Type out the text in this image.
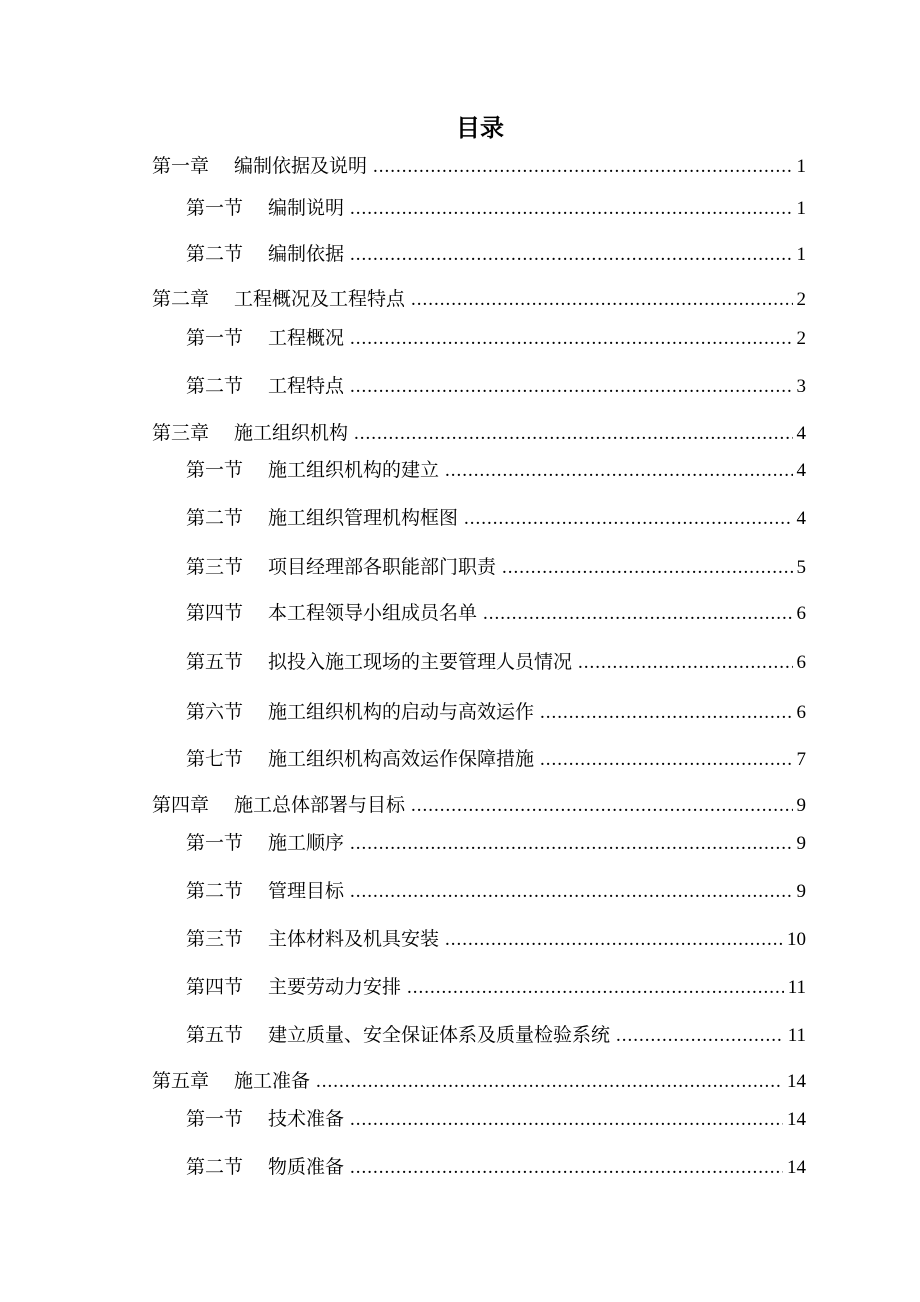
目录
第一章	编制依据及说明 .....	1
第一节	编制说明 .....	1
第二节	编制依据 .....	1
第二章	工程概况及工程特点 .....	2
第一节	工程概况 .....	2
第二节	工程特点 .....	3
第三章	施工组织机构 .....	4
第一节	施工组织机构的建立 .....	4
第二节	施工组织管理机构框图 .....	4
第三节	项目经理部各职能部门职责 .....	5
第四节	本工程领导小组成员名单 .....	6
第五节	拟投入施工现场的主要管理人员情况 .....	6
第六节	施工组织机构的启动与高效运作 .....	6
第七节	施工组织机构高效运作保障措施 .....	7
第四章	施工总体部署与目标 .....	9
第一节	施工顺序 .....	9
第二节	管理目标 .....	9
第三节	主体材料及机具安装 .....	10
第四节	主要劳动力安排 .....	11
第五节	建立质量、安全保证体系及质量检验系统 .....	11
第五章	施工准备 .....	14
第一节	技术准备 .....	14
第二节	物质准备 .....	14
